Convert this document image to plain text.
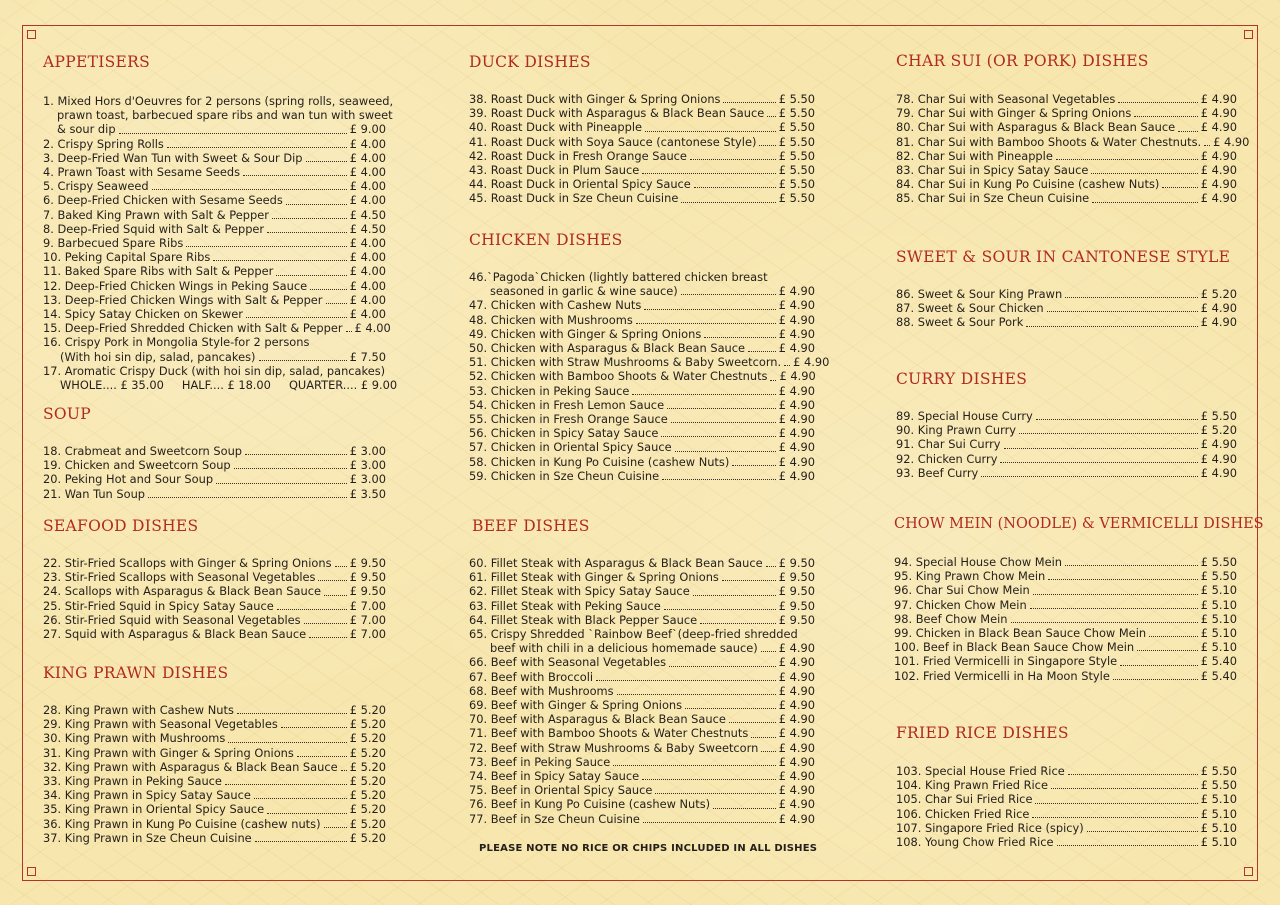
APPETISERS
1. Mixed Hors d'Oeuvres for 2 persons (spring rolls, seaweed,
prawn toast, barbecued spare ribs and wan tun with sweet
& sour dip	£ 9.00
2. Crispy Spring Rolls	£ 4.00
3. Deep-Fried Wan Tun with Sweet & Sour Dip	£ 4.00
4. Prawn Toast with Sesame Seeds	£ 4.00
5. Crispy Seaweed	£ 4.00
6. Deep-Fried Chicken with Sesame Seeds	£ 4.00
7. Baked King Prawn with Salt & Pepper	£ 4.50
8. Deep-Fried Squid with Salt & Pepper	£ 4.50
9. Barbecued Spare Ribs	£ 4.00
10. Peking Capital Spare Ribs	£ 4.00
11. Baked Spare Ribs with Salt & Pepper	£ 4.00
12. Deep-Fried Chicken Wings in Peking Sauce	£ 4.00
13. Deep-Fried Chicken Wings with Salt & Pepper £ 4.00
14. Spicy Satay Chicken on Skewer	£ 4.00
15. Deep-Fried Shredded Chicken with Salt & Pepper £ 4.00
16. Crispy Pork in Mongolia Style-for 2 persons
(With hoi sin dip, salad, pancakes)	£ 7.50
17. Aromatic Crispy Duck (with hoi sin dip, salad, pancakes)
WHOLE.... £ 35.00 HALF.... £ 18.00 QUARTER.... £ 9.00
SOUP
18. Crabmeat and Sweetcorn Soup	£ 3.00
19. Chicken and Sweetcorn Soup	£ 3.00
20. Peking Hot and Sour Soup	£ 3.00
21. Wan Tun Soup	£ 3.50
SEAFOOD DISHES
22. Stir-Fried Scallops with Ginger & Spring Onions £ 9.50
23. Stir-Fried Scallops with Seasonal Vegetables	£ 9.50
24. Scallops with Asparagus & Black Bean Sauce	£ 9.50
25. Stir-Fried Squid in Spicy Satay Sauce	£ 7.00
26. Stir-Fried Squid with Seasonal Vegetables	£ 7.00
27. Squid with Asparagus & Black Bean Sauce	£ 7.00
KING PRAWN DISHES
28. King Prawn with Cashew Nuts	£ 5.20
29. King Prawn with Seasonal Vegetables	£ 5.20
30. King Prawn with Mushrooms	£ 5.20
31. King Prawn with Ginger & Spring Onions	£ 5.20
32. King Prawn with Asparagus & Black Bean Sauce £ 5.20
33. King Prawn in Peking Sauce	£ 5.20
34. King Prawn in Spicy Satay Sauce	£ 5.20
35. King Prawn in Oriental Spicy Sauce	£ 5.20
36. King Prawn in Kung Po Cuisine (cashew nuts)	£ 5.20
37. King Prawn in Sze Cheun Cuisine	£ 5.20
DUCK DISHES
38. Roast Duck with Ginger & Spring Onions	£ 5.50
39. Roast Duck with Asparagus & Black Bean Sauce £ 5.50
40. Roast Duck with Pineapple	£ 5.50
41. Roast Duck with Soya Sauce (cantonese Style) £ 5.50
42. Roast Duck in Fresh Orange Sauce	£ 5.50
43. Roast Duck in Plum Sauce	£ 5.50
44. Roast Duck in Oriental Spicy Sauce	£ 5.50
45. Roast Duck in Sze Cheun Cuisine	£ 5.50
CHICKEN DISHES
46.`Pagoda`Chicken (lightly battered chicken breast
seasoned in garlic & wine sauce)	£ 4.90
47. Chicken with Cashew Nuts	£ 4.90
48. Chicken with Mushrooms	£ 4.90
49. Chicken with Ginger & Spring Onions	£ 4.90
50. Chicken with Asparagus & Black Bean Sauce	£ 4.90
51. Chicken with Straw Mushrooms & Baby Sweetcorn. £ 4.90
52. Chicken with Bamboo Shoots & Water Chestnuts £ 4.90
53. Chicken in Peking Sauce	£ 4.90
54. Chicken in Fresh Lemon Sauce	£ 4.90
55. Chicken in Fresh Orange Sauce	£ 4.90
56. Chicken in Spicy Satay Sauce	£ 4.90
57. Chicken in Oriental Spicy Sauce	£ 4.90
58. Chicken in Kung Po Cuisine (cashew Nuts)	£ 4.90
59. Chicken in Sze Cheun Cuisine	£ 4.90
BEEF DISHES
60. Fillet Steak with Asparagus & Black Bean Sauce £ 9.50
61. Fillet Steak with Ginger & Spring Onions	£ 9.50
62. Fillet Steak with Spicy Satay Sauce	£ 9.50
63. Fillet Steak with Peking Sauce	£ 9.50
64. Fillet Steak with Black Pepper Sauce	£ 9.50
65. Crispy Shredded `Rainbow Beef`(deep-fried shredded
beef with chili in a delicious homemade sauce) £ 4.90
66. Beef with Seasonal Vegetables	£ 4.90
67. Beef with Broccoli	£ 4.90
68. Beef with Mushrooms	£ 4.90
69. Beef with Ginger & Spring Onions	£ 4.90
70. Beef with Asparagus & Black Bean Sauce	£ 4.90
71. Beef with Bamboo Shoots & Water Chestnuts	£ 4.90
72. Beef with Straw Mushrooms & Baby Sweetcorn £ 4.90
73. Beef in Peking Sauce	£ 4.90
74. Beef in Spicy Satay Sauce	£ 4.90
75. Beef in Oriental Spicy Sauce	£ 4.90
76. Beef in Kung Po Cuisine (cashew Nuts)	£ 4.90
77. Beef in Sze Cheun Cuisine	£ 4.90
PLEASE NOTE NO RICE OR CHIPS INCLUDED IN ALL DISHES
CHAR SUI (OR PORK) DISHES
78. Char Sui with Seasonal Vegetables	£ 4.90
79. Char Sui with Ginger & Spring Onions	£ 4.90
80. Char Sui with Asparagus & Black Bean Sauce £ 4.90
81. Char Sui with Bamboo Shoots & Water Chestnuts. £ 4.90
82. Char Sui with Pineapple	£ 4.90
83. Char Sui in Spicy Satay Sauce	£ 4.90
84. Char Sui in Kung Po Cuisine (cashew Nuts)	£ 4.90
85. Char Sui in Sze Cheun Cuisine	£ 4.90
SWEET & SOUR IN CANTONESE STYLE
86. Sweet & Sour King Prawn	£ 5.20
87. Sweet & Sour Chicken	£ 4.90
88. Sweet & Sour Pork	£ 4.90
CURRY DISHES
89. Special House Curry	£ 5.50
90. King Prawn Curry	£ 5.20
91. Char Sui Curry	£ 4.90
92. Chicken Curry	£ 4.90
93. Beef Curry	£ 4.90
CHOW MEIN (NOODLE) & VERMICELLI DISHES
94. Special House Chow Mein	£ 5.50
95. King Prawn Chow Mein	£ 5.50
96. Char Sui Chow Mein	£ 5.10
97. Chicken Chow Mein	£ 5.10
98. Beef Chow Mein	£ 5.10
99. Chicken in Black Bean Sauce Chow Mein	£ 5.10
100. Beef in Black Bean Sauce Chow Mein	£ 5.10
101. Fried Vermicelli in Singapore Style	£ 5.40
102. Fried Vermicelli in Ha Moon Style	£ 5.40
FRIED RICE DISHES
103. Special House Fried Rice	£ 5.50
104. King Prawn Fried Rice	£ 5.50
105. Char Sui Fried Rice	£ 5.10
106. Chicken Fried Rice	£ 5.10
107. Singapore Fried Rice (spicy)	£ 5.10
108. Young Chow Fried Rice	£ 5.10
